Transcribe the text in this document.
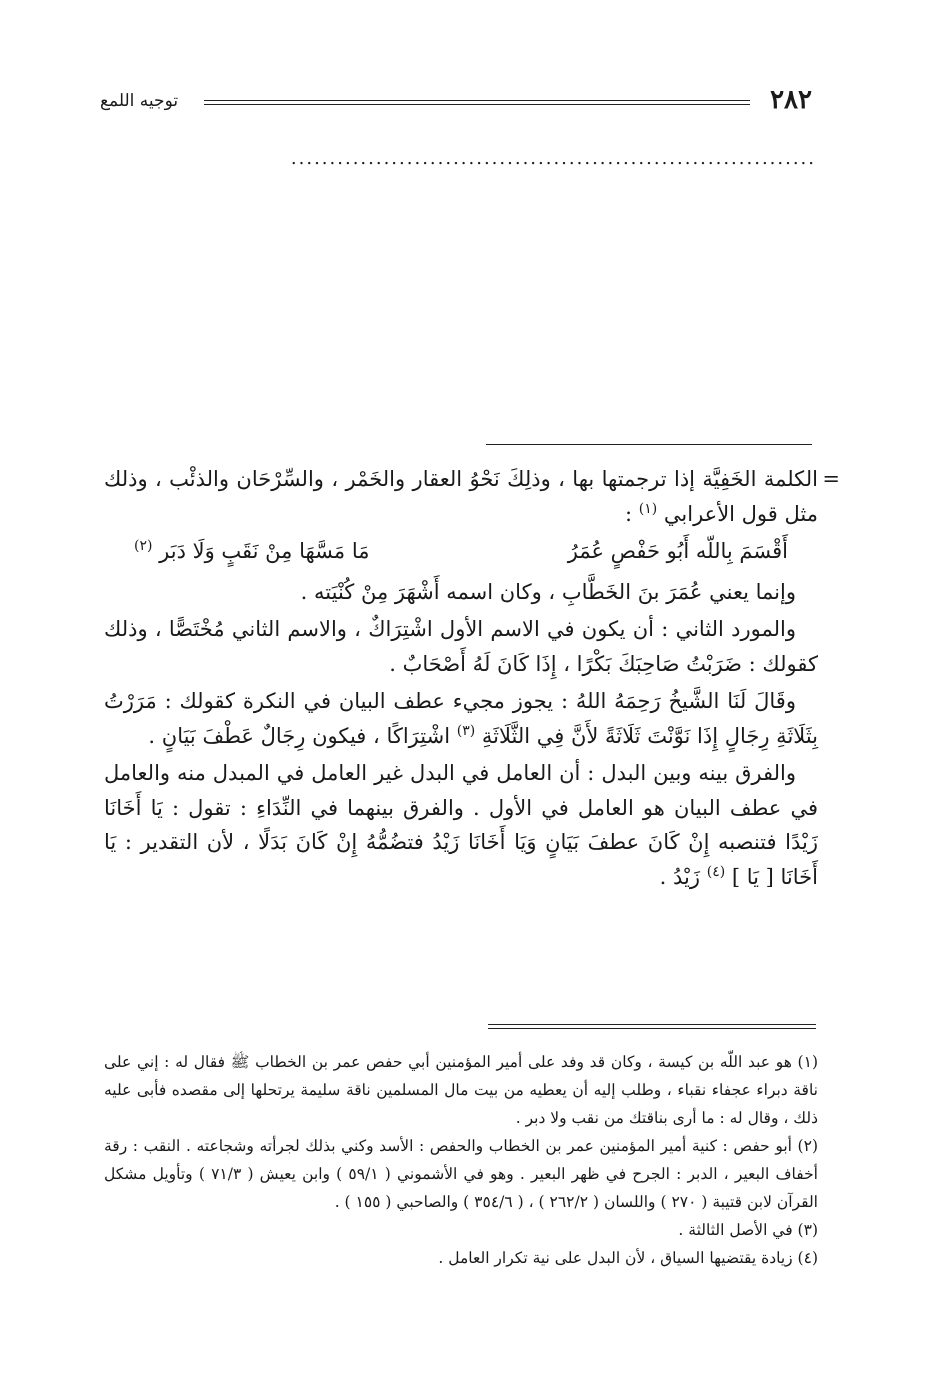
٢٨٢
توجيه اللمع
....................................................................
=

الكلمة الخَفِيَّة إذا ترجمتها بها ، وذلِكَ نَحْوُ العقار والخَمْر ، والسِّرْحَان والذئْب ، وذلك مثل قول الأعرابي $^{(١)}$ :

أَقْسَمَ بِاللّه أَبُو حَفْصٍ عُمَرُ
مَا مَسَّهَا مِنْ نَقَبٍ وَلَا دَبَر $^{(٢)}$

وإنما يعني عُمَرَ بنَ الخَطَّابِ ، وكان اسمه أَشْهَرَ مِنْ كُنْيَته .

والمورد الثاني : أن يكون في الاسم الأول اشْتِرَاكٌ ، والاسم الثاني مُخْتَصًّا ، وذلك كقولك : ضَرَبْتُ صَاحِبَكَ بَكْرًا ، إِذَا كَانَ لَهُ أَصْحَابٌ .

وقَالَ لَنَا الشَّيخُ رَحِمَهُ اللهُ : يجوز مجيء عطف البيان في النكرة كقولك : مَرَرْتُ بِثَلَاثَةِ رِجَالٍ إِذَا نَوَّنْتَ ثَلَاثَةً لأَنَّ فِي الثَّلَاثَةِ $^{(٣)}$ اشْتِرَاكًا ، فيكون رِجَالٌ عَطْفَ بَيَانٍ .

والفرق بينه وبين البدل : أن العامل في البدل غير العامل في المبدل منه والعامل في عطف البيان هو العامل في الأول . والفرق بينهما في النِّدَاءِ : تقول : يَا أَخَانَا زَيْدًا فتنصبه إِنْ كَانَ عطفَ بَيَانٍ وَيَا أَخَانَا زَيْدُ فتضُمُّهُ إِنْ كَانَ بَدَلًا ، لأن التقدير : يَا أَخَانَا [ يَا ] $^{(٤)}$ زَيْدُ .

(١) هو عبد اللّه بن كيسة ، وكان قد وفد على أمير المؤمنين أبي حفص عمر بن الخطاب ﷺ فقال له : إني على ناقة دبراء عجفاء نقباء ، وطلب إليه أن يعطيه من بيت مال المسلمين ناقة سليمة يرتحلها إلى مقصده فأبى عليه ذلك ، وقال له : ما أرى بناقتك من نقب ولا دبر .

(٢) أبو حفص : كنية أمير المؤمنين عمر بن الخطاب والحفص : الأسد وكني بذلك لجرأته وشجاعته . النقب : رقة أخفاف البعير ، الدبر : الجرح في ظهر البعير . وهو في الأشموني ( ٥٩/١ ) وابن يعيش ( ٧١/٣ ) وتأويل مشكل القرآن لابن قتيبة ( ٢٧٠ ) واللسان ( ٢٦٢/٢ ) ، ( ٣٥٤/٦ ) والصاحبي ( ١٥٥ ) .

(٣) في الأصل الثالثة .

(٤) زيادة يقتضيها السياق ، لأن البدل على نية تكرار العامل .
